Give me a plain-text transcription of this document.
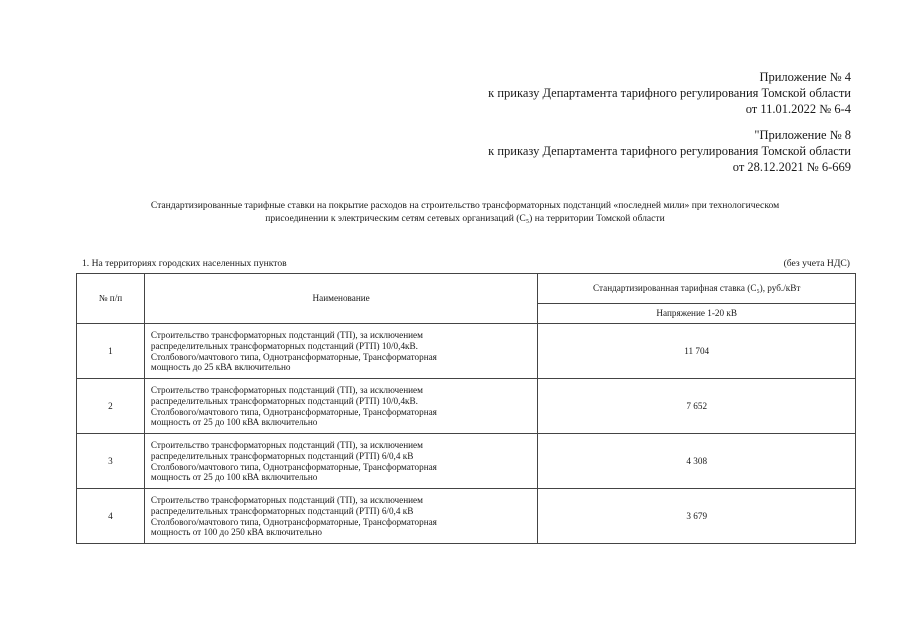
Приложение № 4
к приказу Департамента тарифного регулирования Томской области
от 11.01.2022 № 6-4
"Приложение № 8
к приказу Департамента тарифного регулирования Томской области
от 28.12.2021 № 6-669
Стандартизированные тарифные ставки на покрытие расходов на строительство трансформаторных подстанций «последней мили» при технологическом
присоединении к электрическим сетям сетевых организаций (С₅) на территории Томской области
1. На территориях городских населенных пунктов	(без учета НДС)
№ п/п	Наименование	Стандартизированная тарифная ставка (С₅), руб./кВт
		Напряжение 1-20 кВ
1	Строительство трансформаторных подстанций (ТП), за исключением
распределительных трансформаторных подстанций (РТП) 10/0,4кВ.
Столбового/мачтового типа, Однотрансформаторные, Трансформаторная
мощность до 25 кВА включительно	11 704
2	Строительство трансформаторных подстанций (ТП), за исключением
распределительных трансформаторных подстанций (РТП) 10/0,4кВ.
Столбового/мачтового типа, Однотрансформаторные, Трансформаторная
мощность от 25 до 100 кВА включительно	7 652
3	Строительство трансформаторных подстанций (ТП), за исключением
распределительных трансформаторных подстанций (РТП) 6/0,4 кВ
Столбового/мачтового типа, Однотрансформаторные, Трансформаторная
мощность от 25 до 100 кВА включительно	4 308
4	Строительство трансформаторных подстанций (ТП), за исключением
распределительных трансформаторных подстанций (РТП) 6/0,4 кВ
Столбового/мачтового типа, Однотрансформаторные, Трансформаторная
мощность от 100 до 250 кВА включительно	3 679
